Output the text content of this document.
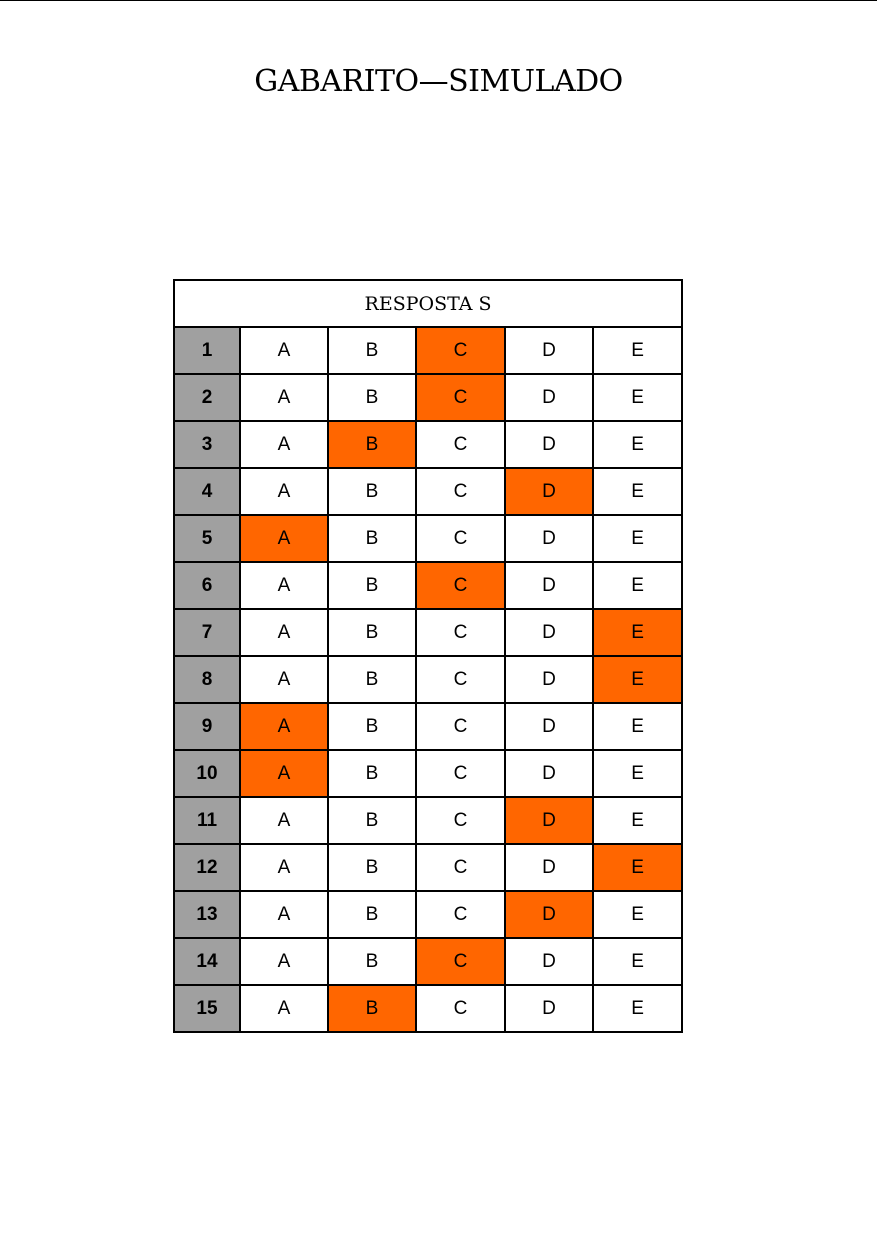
GABARITO—SIMULADO
RESPOSTA S					
1	A	B	C	D	E
2	A	B	C	D	E
3	A	B	C	D	E
4	A	B	C	D	E
5	A	B	C	D	E
6	A	B	C	D	E
7	A	B	C	D	E
8	A	B	C	D	E
9	A	B	C	D	E
10	A	B	C	D	E
11	A	B	C	D	E
12	A	B	C	D	E
13	A	B	C	D	E
14	A	B	C	D	E
15	A	B	C	D	E
